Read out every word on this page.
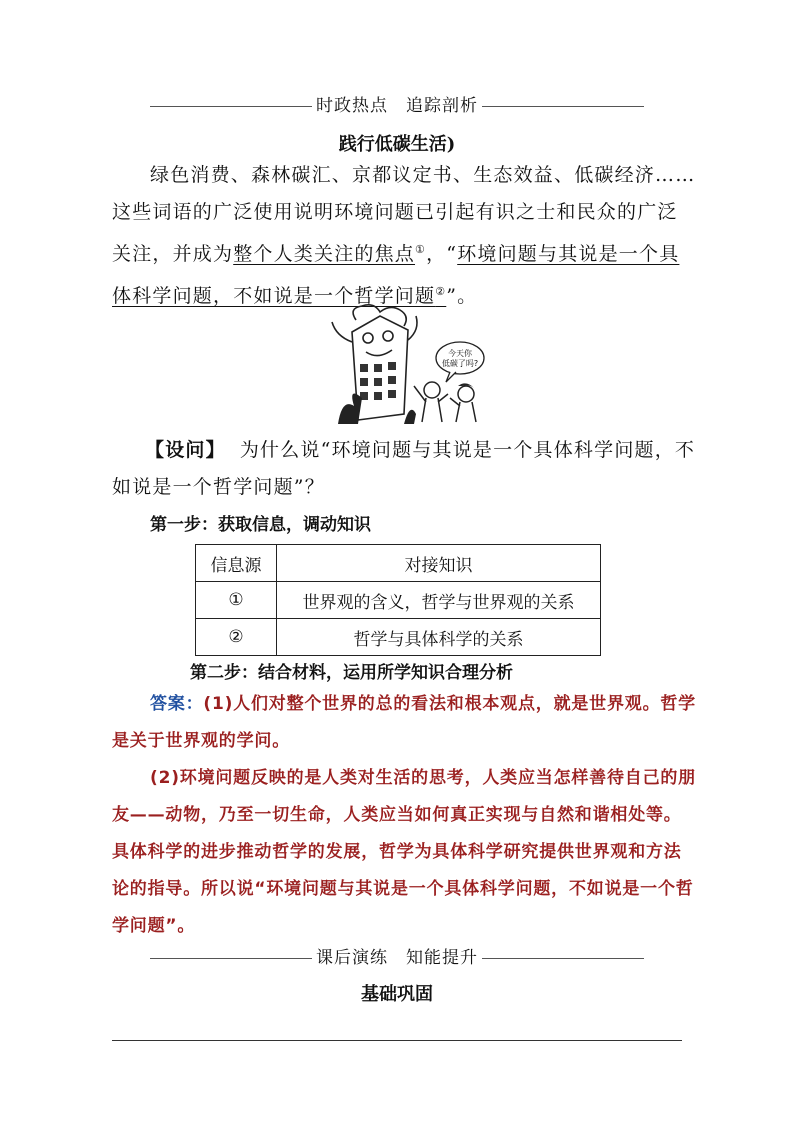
时政热点　追踪剖析
践行低碳生活)
绿色消费、森林碳汇、京都议定书、生态效益、低碳经济……这些词语的广泛使用说明环境问题已引起有识之士和民众的广泛关注，并成为整个人类关注的焦点①，“环境问题与其说是一个具体科学问题，不如说是一个哲学问题②”。
今天你
低碳了吗?
【设问】 为什么说“环境问题与其说是一个具体科学问题，不如说是一个哲学问题”？
第一步：获取信息，调动知识
信息源	对接知识
①	世界观的含义，哲学与世界观的关系
②	哲学与具体科学的关系
第二步：结合材料，运用所学知识合理分析
答案：(1)人们对整个世界的总的看法和根本观点，就是世界观。哲学是关于世界观的学问。
(2)环境问题反映的是人类对生活的思考，人类应当怎样善待自己的朋友——动物，乃至一切生命，人类应当如何真正实现与自然和谐相处等。具体科学的进步推动哲学的发展，哲学为具体科学研究提供世界观和方法论的指导。所以说“环境问题与其说是一个具体科学问题，不如说是一个哲学问题”。
课后演练　知能提升
基础巩固
